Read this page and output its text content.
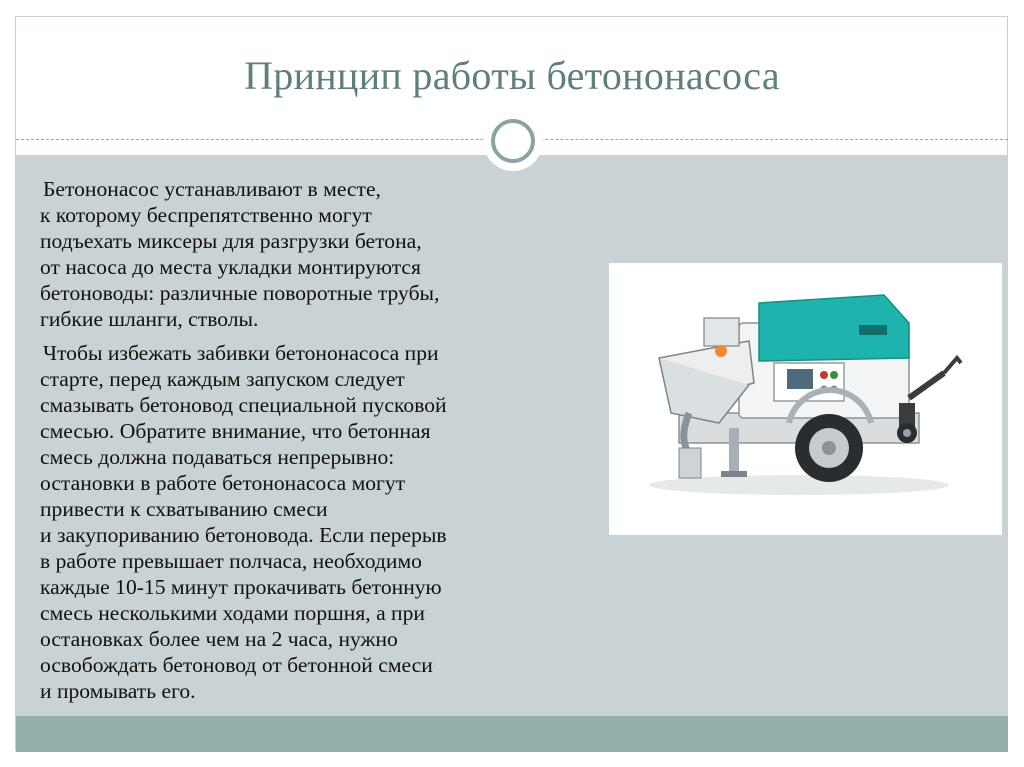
Принцип работы бетононасоса

Бетононасос устанавливают в месте,
к которому беспрепятственно могут
подъехать миксеры для разгрузки бетона,
от насоса до места укладки монтируются
бетоноводы: различные поворотные трубы,
гибкие шланги, стволы.

Чтобы избежать забивки бетононасоса при
старте, перед каждым запуском следует
смазывать бетоновод специальной пусковой
смесью. Обратите внимание, что бетонная
смесь должна подаваться непрерывно:
остановки в работе бетононасоса могут
привести к схватыванию смеси
и закупориванию бетоновода. Если перерыв
в работе превышает полчаса, необходимо
каждые 10-15 минут прокачивать бетонную
смесь несколькими ходами поршня, а при
остановках более чем на 2 часа, нужно
освобождать бетоновод от бетонной смеси
и промывать его.
